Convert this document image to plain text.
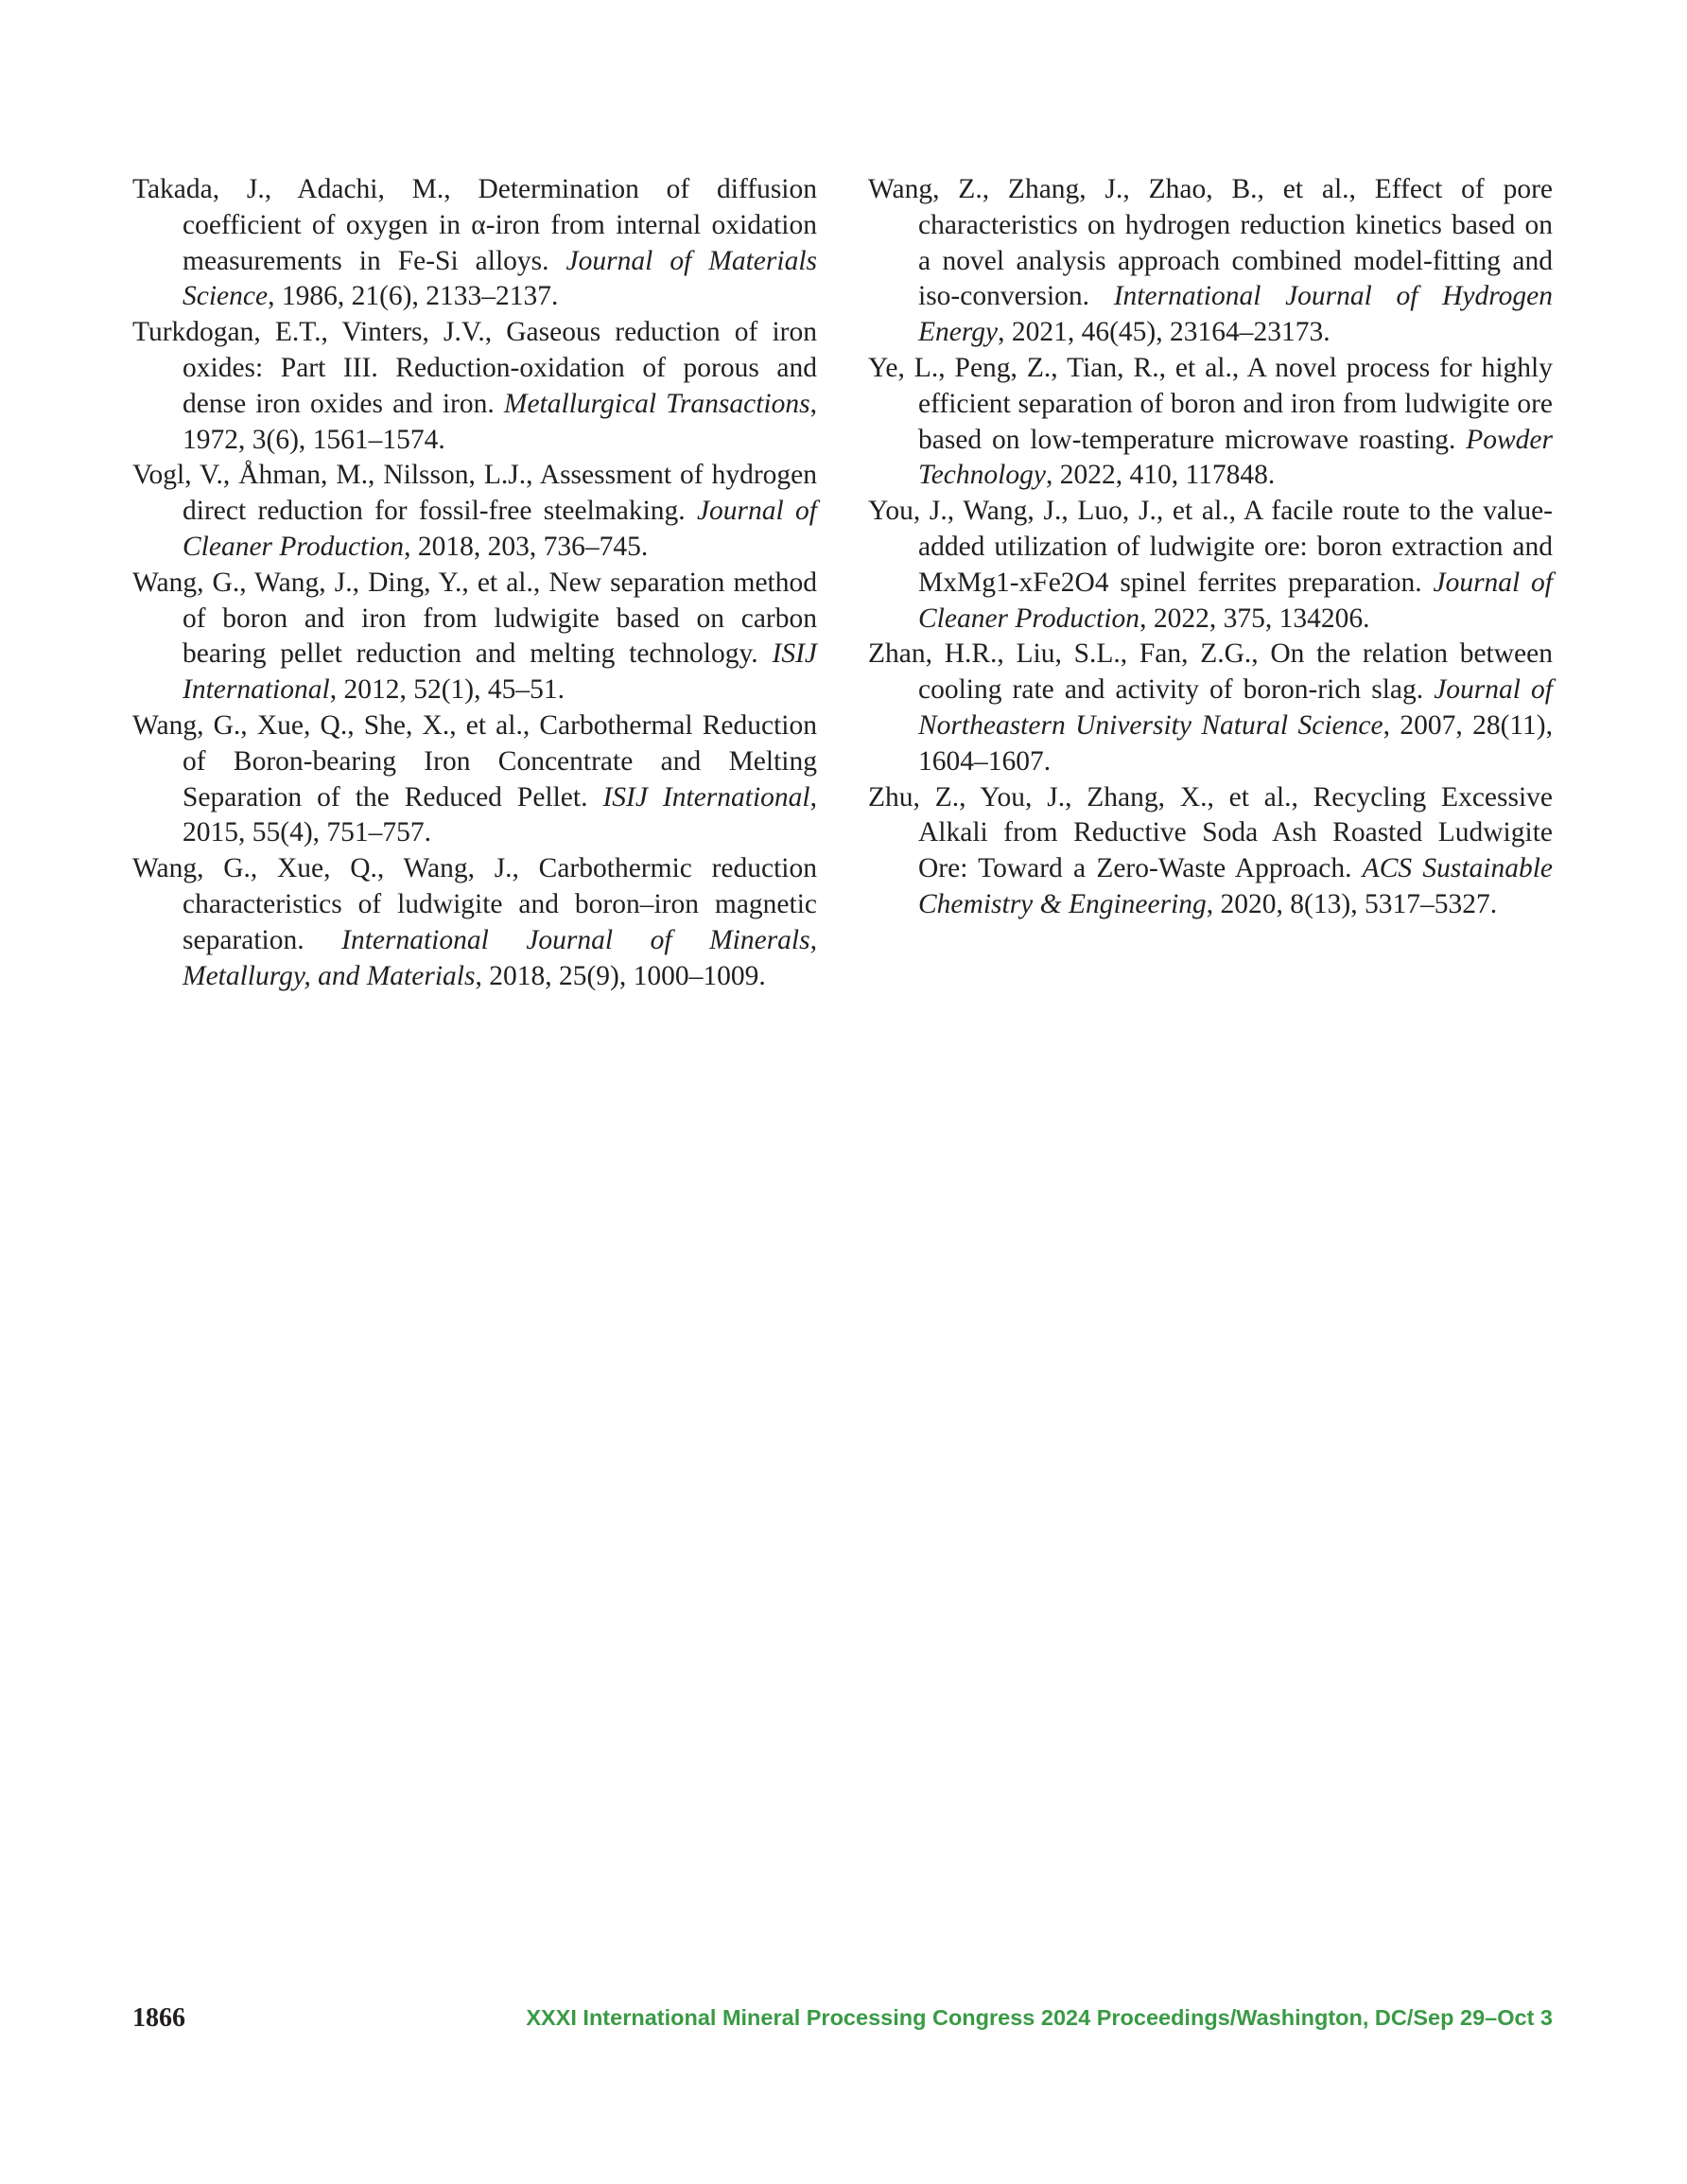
Takada, J., Adachi, M., Determination of diffusion coefficient of oxygen in α-iron from internal oxidation measurements in Fe-Si alloys. Journal of Materials Science, 1986, 21(6), 2133–2137.

Turkdogan, E.T., Vinters, J.V., Gaseous reduction of iron oxides: Part III. Reduction-oxidation of porous and dense iron oxides and iron. Metallurgical Transactions, 1972, 3(6), 1561–1574.

Vogl, V., Åhman, M., Nilsson, L.J., Assessment of hydrogen direct reduction for fossil-free steelmaking. Journal of Cleaner Production, 2018, 203, 736–745.

Wang, G., Wang, J., Ding, Y., et al., New separation method of boron and iron from ludwigite based on carbon bearing pellet reduction and melting technology. ISIJ International, 2012, 52(1), 45–51.

Wang, G., Xue, Q., She, X., et al., Carbothermal Reduction of Boron-bearing Iron Concentrate and Melting Separation of the Reduced Pellet. ISIJ International, 2015, 55(4), 751–757.

Wang, G., Xue, Q., Wang, J., Carbothermic reduction characteristics of ludwigite and boron–iron magnetic separation. International Journal of Minerals, Metallurgy, and Materials, 2018, 25(9), 1000–1009.

Wang, Z., Zhang, J., Zhao, B., et al., Effect of pore characteristics on hydrogen reduction kinetics based on a novel analysis approach combined model-fitting and iso-conversion. International Journal of Hydrogen Energy, 2021, 46(45), 23164–23173.

Ye, L., Peng, Z., Tian, R., et al., A novel process for highly efficient separation of boron and iron from ludwigite ore based on low-temperature microwave roasting. Powder Technology, 2022, 410, 117848.

You, J., Wang, J., Luo, J., et al., A facile route to the value-added utilization of ludwigite ore: boron extraction and MxMg1-xFe2O4 spinel ferrites preparation. Journal of Cleaner Production, 2022, 375, 134206.

Zhan, H.R., Liu, S.L., Fan, Z.G., On the relation between cooling rate and activity of boron-rich slag. Journal of Northeastern University Natural Science, 2007, 28(11), 1604–1607.

Zhu, Z., You, J., Zhang, X., et al., Recycling Excessive Alkali from Reductive Soda Ash Roasted Ludwigite Ore: Toward a Zero-Waste Approach. ACS Sustainable Chemistry & Engineering, 2020, 8(13), 5317–5327.

1866	XXXI International Mineral Processing Congress 2024 Proceedings/Washington, DC/Sep 29–Oct 3
